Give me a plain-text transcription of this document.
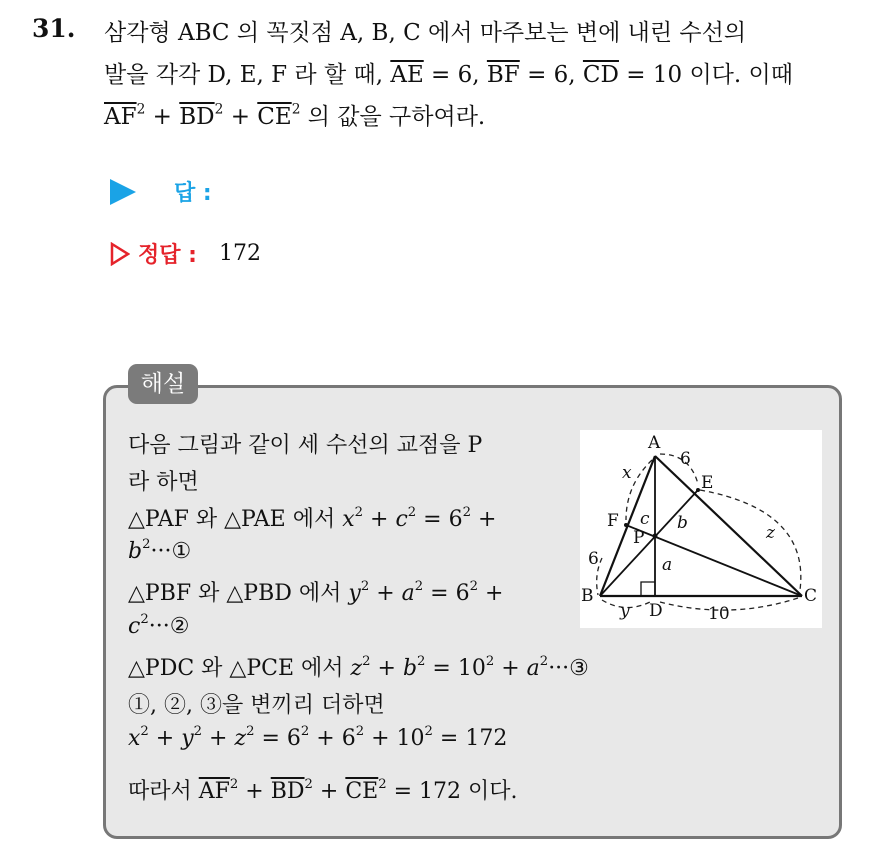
31. 삼각형 ABC 의 꼭짓점 A, B, C 에서 마주보는 변에 내린 수선의
발을 각각 D, E, F 라 할 때, $\overline{AE} = 6$, $\overline{BF} = 6$, $\overline{CD} = 10$ 이다. 이때
$\overline{AF}^2 + \overline{BD}^2 + \overline{CE}^2$ 의 값을 구하여라.
답 :
정답 : 172
해설
다음 그림과 같이 세 수선의 교점을 P
라 하면
△PAF 와 △PAE 에서 $x^2 + c^2 = 6^2$ +
$b^2\cdot\cdot\cdot ①$
△PBF 와 △PBD 에서 $y^2 + a^2 = 6^2$ +
$c^2\cdot\cdot\cdot ②$
△PDC 와 △PCE 에서 $z^2 + b^2 = 10^2$ + $a^2\cdot\cdot\cdot ③$
①, ②, ③을 변끼리 더하면
$x^2 + y^2 + z^2 = 6^2 + 6^2 + 10^2 = 172$
따라서 $\overline{AF}^2 + \overline{BD}^2 + \overline{CE}^2 = 172$ 이다.
A
B	C
D
E
F
P
x
y
z
a
b
c
6
6
10
